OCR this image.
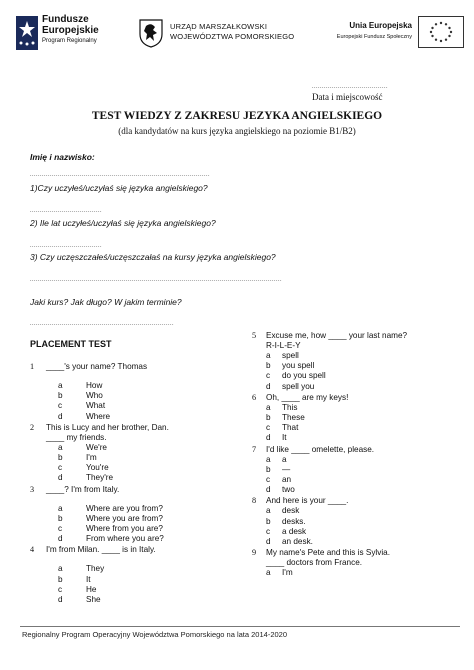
Fundusze
Europejskie
Program Regionalny
URZĄD MARSZAŁKOWSKI
WOJEWÓDZTWA POMORSKIEGO
Unia Europejska
Europejski Fundusz Społeczny
......................................
Data i miejscowość
TEST WIEDZY Z ZAKRESU JEZYKA ANGIELSKIEGO
(dla kandydatów na kurs języka angielskiego na poziomie B1/B2)
Imię i nazwisko:
..........................................................................................
1)Czy uczyłeś/uczyłaś się języka angielskiego?
....................................
2) Ile lat uczyłeś/uczyłaś się języka angielskiego?
....................................
3) Czy uczęszczałeś/uczęszczałaś na kursy języka angielskiego?
..............................................................................................................................
Jaki kurs? Jak długo? W jakim terminie?
........................................................................
PLACEMENT TEST
1 ____'s your name? Thomas
a	How
b	Who
c	What
d	Where
2 This is Lucy and her brother, Dan.
____ my friends.
a	We're
b	I'm
c	You're
d	They're
3 ____? I'm from Italy.
a	Where are you from?
b	Where you are from?
c	Where from you are?
d	From where you are?
4 I'm from Milan. ____ is in Italy.
a	They
b	It
c	He
d	She
5 Excuse me, how ____ your last name?
R-I-L-E-Y
a spell
b you spell
c do you spell
d spell you
6 Oh, ____ are my keys!
a This
b These
c That
d It
7 I'd like ____ omelette, please.
a a
b —
c an
d two
8 And here is your ____.
a desk
b desks.
c a desk
d an desk.
9 My name's Pete and this is Sylvia.
____ doctors from France.
a I'm
Regionalny Program Operacyjny Województwa Pomorskiego na lata 2014-2020
